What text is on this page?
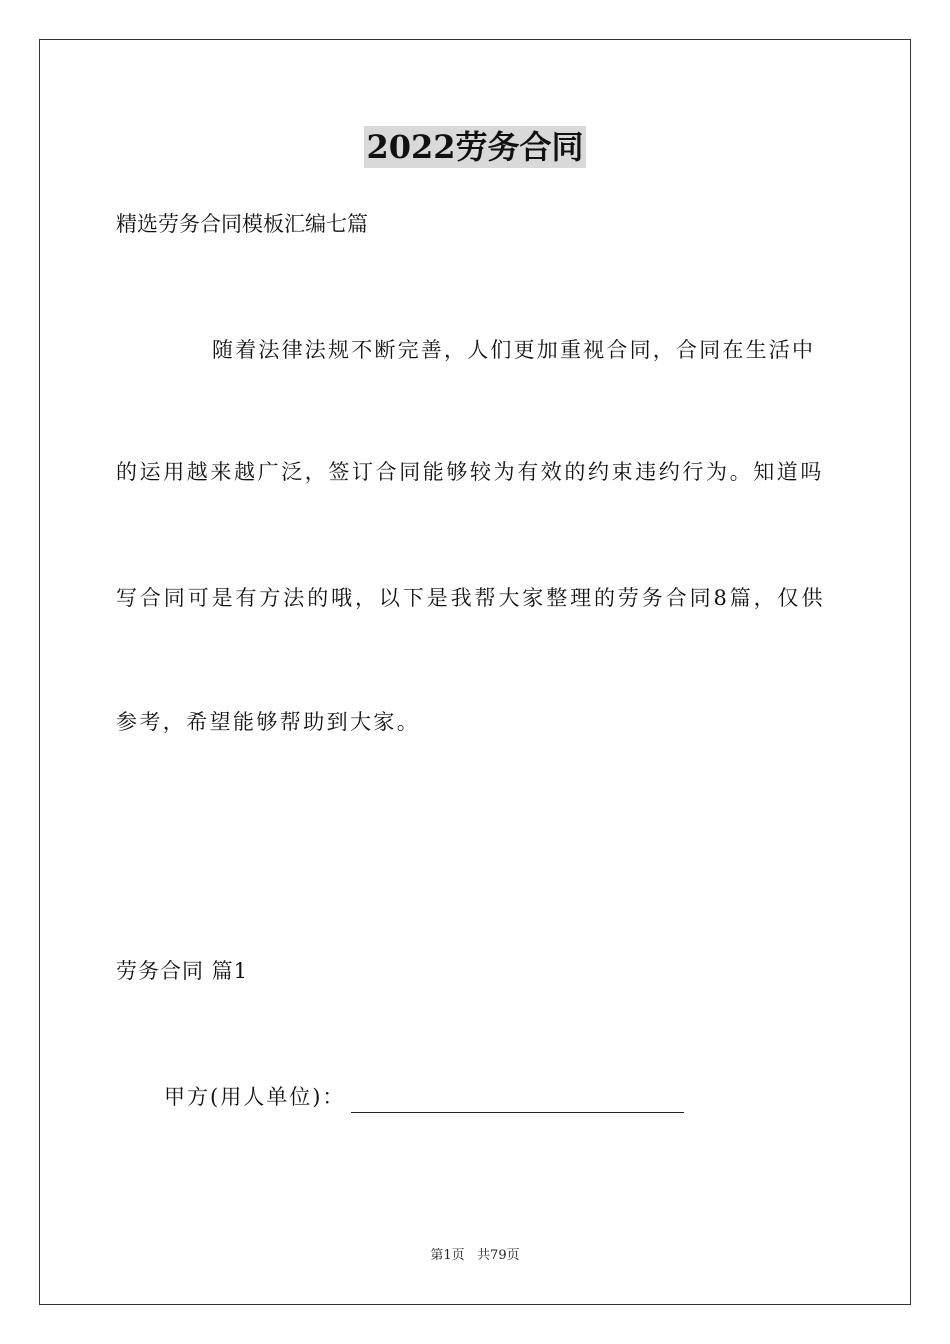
2022劳务合同
精选劳务合同模板汇编七篇
随着法律法规不断完善，人们更加重视合同，合同在生活中
的运用越来越广泛，签订合同能够较为有效的约束违约行为。知道吗
写合同可是有方法的哦，以下是我帮大家整理的劳务合同8篇，仅供
参考，希望能够帮助到大家。
劳务合同 篇1
甲方(用人单位)：
第1页   共79页
